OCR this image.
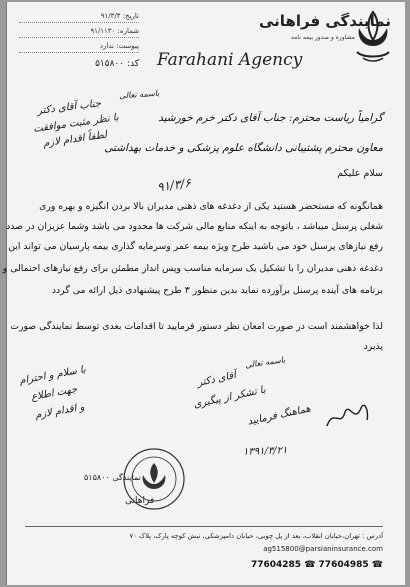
تاریخ: ۹۱/۳/۴
شماره: ۹۱/۱۱۳۰
پیوست: ندارد
کد: ۵۱۵۸۰۰
نمایندگی فراهانی
مشاوره و صدور بیمه نامه
Farahani Agency
باسمه تعالی
جناب آقای دکتر
با نظر مثبت موافقت
لطفاً اقدام لازم
۹۱/۳/۶
گرامیاً ریاست محترم: جناب آقای دکتر خرم خورشید
معاون محترم پشتیبانی دانشگاه علوم پزشکی و خدمات بهداشتی
سلام علیکم
همانگونه که مستحضر هستید یکی از دغدغه های ذهنی مدیران بالا بردن انگیزه و بهره وری
شغلی پرسنل میباشد ، باتوجه به اینکه منابع مالی شرکت ها محدود می باشد وشما عزیزان در صدد
رفع نیازهای پرسنل خود می باشید طرح ویژه بیمه عمر وسرمایه گذاری بیمه پارسیان می تواند این
دغدغه ذهنی مدیران را با تشکیل یک سرمایه مناسب وپس انداز مطمئن برای رفع نیازهای احتمالی و
برنامه های آینده پرسنل برآورده نماید بدین منظور ۳ طرح پیشنهادی ذیل ارائه می گردد
لذا خواهشمند است در صورت امعان نظر دستور فرمایید تا اقدامات بعدی توسط نمایندگی صورت
پذیرد
باسمه تعالی
آقای دکتر
با تشکر از پیگیری
هماهنگ فرمایید
۱۳۹۱/۳/۲۱
با سلام و احترام
جهت اطلاع
و اقدام لازم
نمایندگی ۵۱۵۸۰۰
فراهانی
آدرس : تهران،خیابان انقلاب، بعد از پل چوبی، خیابان دامپزشکی، نبش کوچه پارک، پلاک ۷۰
ag515800@parsianinsurance.com
77604285 ☎ 77604985 ☎
